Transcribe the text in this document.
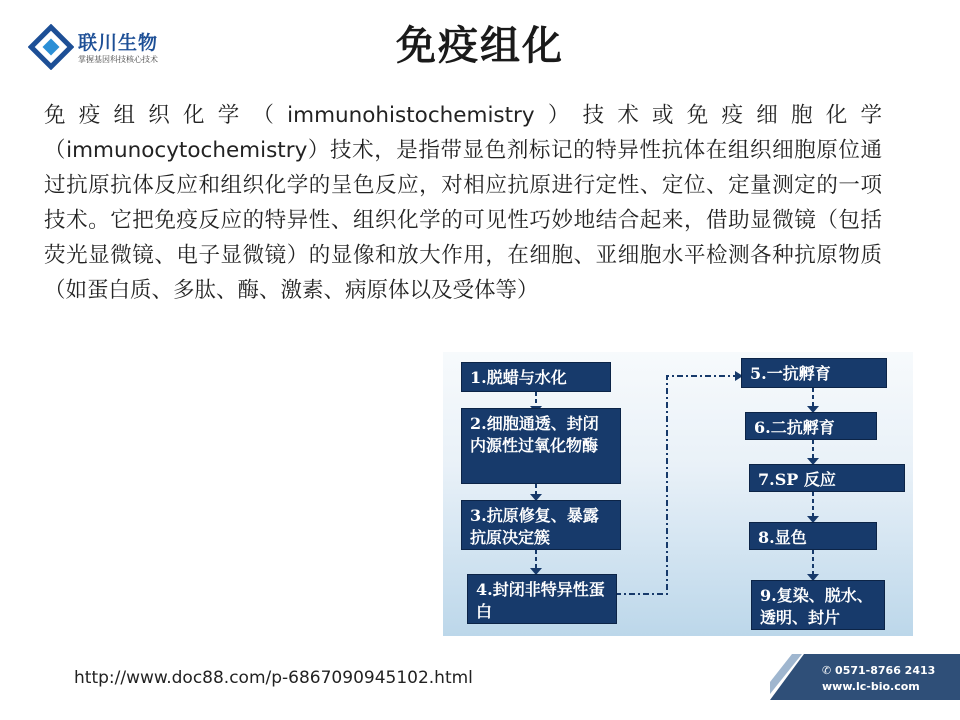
联川生物
掌握基因科技核心技术	免疫组化
免疫组织化学（immunohistochemistry）技术或免疫细胞化学（immunocytochemistry）技术，是指带显色剂标记的特异性抗体在组织细胞原位通过抗原抗体反应和组织化学的呈色反应，对相应抗原进行定性、定位、定量测定的一项技术。它把免疫反应的特异性、组织化学的可见性巧妙地结合起来，借助显微镜（包括荧光显微镜、电子显微镜）的显像和放大作用，在细胞、亚细胞水平检测各种抗原物质（如蛋白质、多肽、酶、激素、病原体以及受体等）
1.脱蜡与水化
2.细胞通透、封闭内源性过氧化物酶
3.抗原修复、暴露抗原决定簇
4.封闭非特异性蛋白
5.一抗孵育
6.二抗孵育
7.SP 反应
8.显色
9.复染、脱水、透明、封片
http://www.doc88.com/p-6867090945102.html	✆ 0571-8766 2413
www.lc-bio.com
